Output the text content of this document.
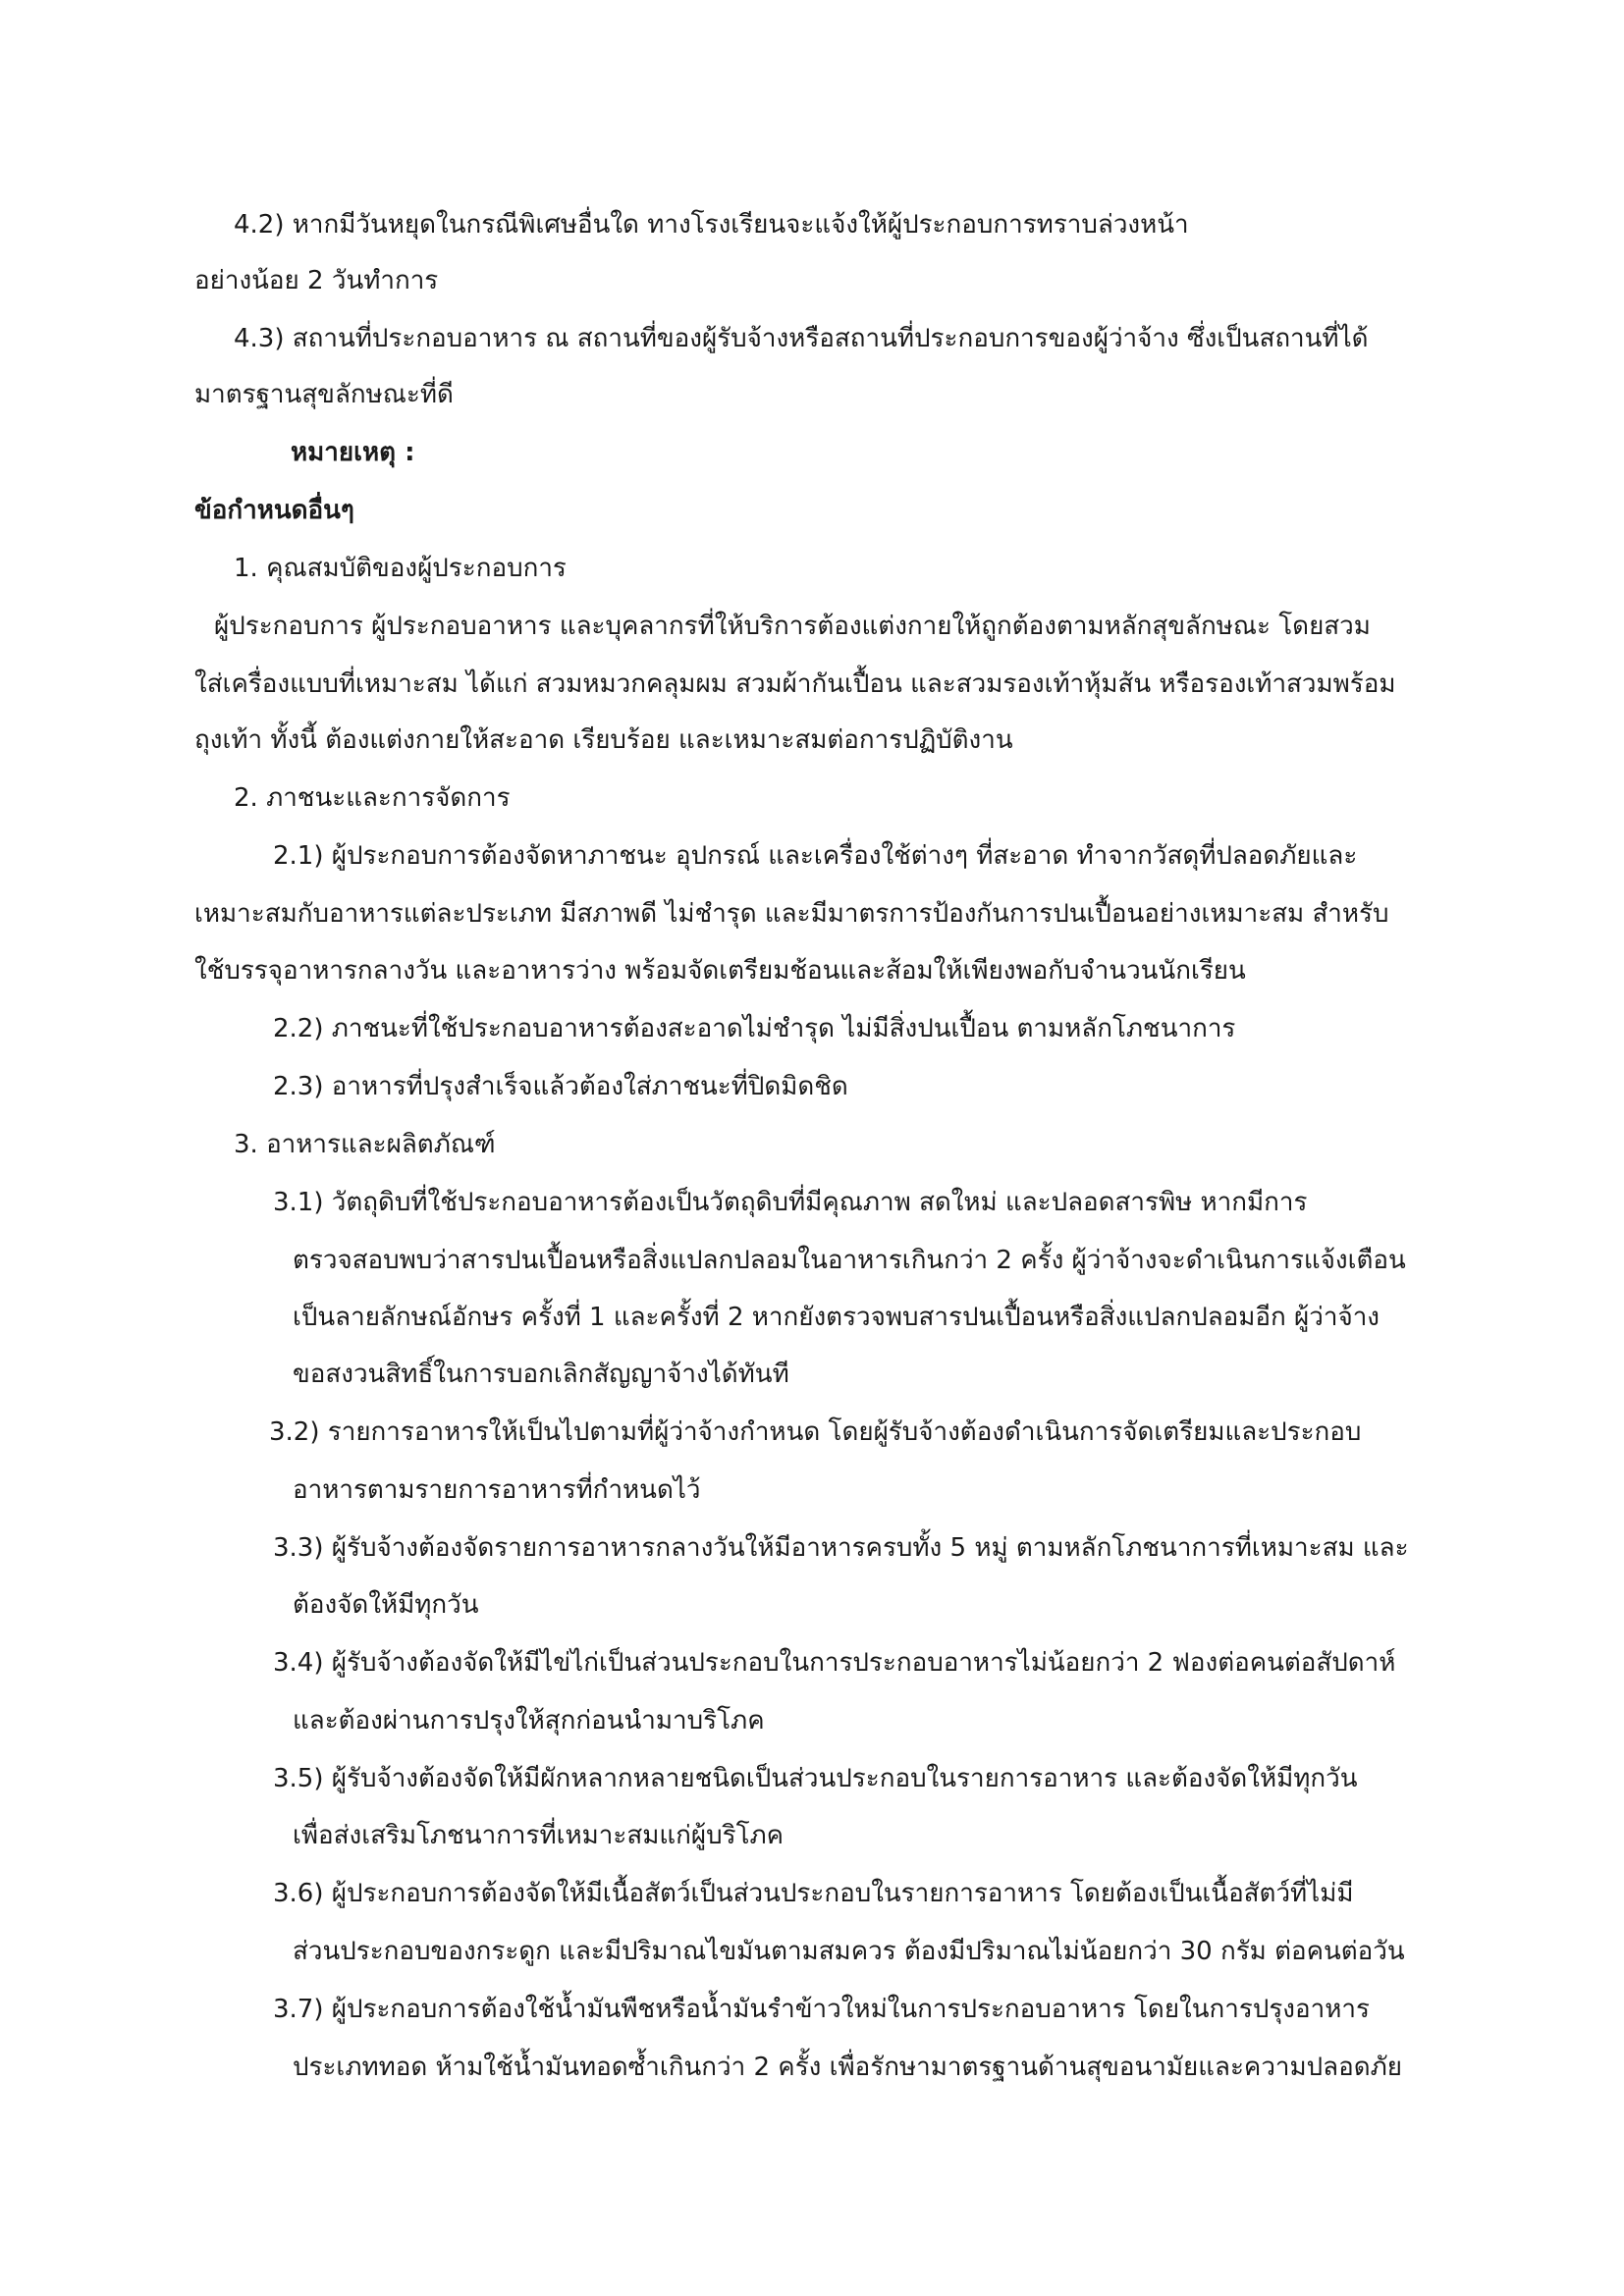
4.2) หากมีวันหยุดในกรณีพิเศษอื่นใด ทางโรงเรียนจะแจ้งให้ผู้ประกอบการทราบล่วงหน้า

อย่างน้อย 2 วันทำการ

4.3) สถานที่ประกอบอาหาร ณ สถานที่ของผู้รับจ้างหรือสถานที่ประกอบการของผู้ว่าจ้าง ซึ่งเป็นสถานที่ได้

มาตรฐานสุขลักษณะที่ดี

หมายเหตุ :

ข้อกำหนดอื่นๆ

1. คุณสมบัติของผู้ประกอบการ

ผู้ประกอบการ ผู้ประกอบอาหาร และบุคลากรที่ให้บริการต้องแต่งกายให้ถูกต้องตามหลักสุขลักษณะ โดยสวม

ใส่เครื่องแบบที่เหมาะสม ได้แก่ สวมหมวกคลุมผม สวมผ้ากันเปื้อน และสวมรองเท้าหุ้มส้น หรือรองเท้าสวมพร้อม

ถุงเท้า ทั้งนี้ ต้องแต่งกายให้สะอาด เรียบร้อย และเหมาะสมต่อการปฏิบัติงาน

2. ภาชนะและการจัดการ

2.1) ผู้ประกอบการต้องจัดหาภาชนะ อุปกรณ์ และเครื่องใช้ต่างๆ ที่สะอาด ทำจากวัสดุที่ปลอดภัยและ

เหมาะสมกับอาหารแต่ละประเภท มีสภาพดี ไม่ชำรุด และมีมาตรการป้องกันการปนเปื้อนอย่างเหมาะสม สำหรับ

ใช้บรรจุอาหารกลางวัน และอาหารว่าง พร้อมจัดเตรียมช้อนและส้อมให้เพียงพอกับจำนวนนักเรียน

2.2) ภาชนะที่ใช้ประกอบอาหารต้องสะอาดไม่ชำรุด ไม่มีสิ่งปนเปื้อน ตามหลักโภชนาการ

2.3) อาหารที่ปรุงสำเร็จแล้วต้องใส่ภาชนะที่ปิดมิดชิด

3. อาหารและผลิตภัณฑ์

3.1) วัตถุดิบที่ใช้ประกอบอาหารต้องเป็นวัตถุดิบที่มีคุณภาพ สดใหม่ และปลอดสารพิษ หากมีการ

ตรวจสอบพบว่าสารปนเปื้อนหรือสิ่งแปลกปลอมในอาหารเกินกว่า 2 ครั้ง ผู้ว่าจ้างจะดำเนินการแจ้งเตือน

เป็นลายลักษณ์อักษร ครั้งที่ 1 และครั้งที่ 2 หากยังตรวจพบสารปนเปื้อนหรือสิ่งแปลกปลอมอีก ผู้ว่าจ้าง

ขอสงวนสิทธิ์ในการบอกเลิกสัญญาจ้างได้ทันที

3.2) รายการอาหารให้เป็นไปตามที่ผู้ว่าจ้างกำหนด โดยผู้รับจ้างต้องดำเนินการจัดเตรียมและประกอบ

อาหารตามรายการอาหารที่กำหนดไว้

3.3) ผู้รับจ้างต้องจัดรายการอาหารกลางวันให้มีอาหารครบทั้ง 5 หมู่ ตามหลักโภชนาการที่เหมาะสม และ

ต้องจัดให้มีทุกวัน

3.4) ผู้รับจ้างต้องจัดให้มีไข่ไก่เป็นส่วนประกอบในการประกอบอาหารไม่น้อยกว่า 2 ฟองต่อคนต่อสัปดาห์

และต้องผ่านการปรุงให้สุกก่อนนำมาบริโภค

3.5) ผู้รับจ้างต้องจัดให้มีผักหลากหลายชนิดเป็นส่วนประกอบในรายการอาหาร และต้องจัดให้มีทุกวัน

เพื่อส่งเสริมโภชนาการที่เหมาะสมแก่ผู้บริโภค

3.6) ผู้ประกอบการต้องจัดให้มีเนื้อสัตว์เป็นส่วนประกอบในรายการอาหาร โดยต้องเป็นเนื้อสัตว์ที่ไม่มี

ส่วนประกอบของกระดูก และมีปริมาณไขมันตามสมควร ต้องมีปริมาณไม่น้อยกว่า 30 กรัม ต่อคนต่อวัน

3.7) ผู้ประกอบการต้องใช้น้ำมันพืชหรือน้ำมันรำข้าวใหม่ในการประกอบอาหาร โดยในการปรุงอาหาร

ประเภททอด ห้ามใช้น้ำมันทอดซ้ำเกินกว่า 2 ครั้ง เพื่อรักษามาตรฐานด้านสุขอนามัยและความปลอดภัย
